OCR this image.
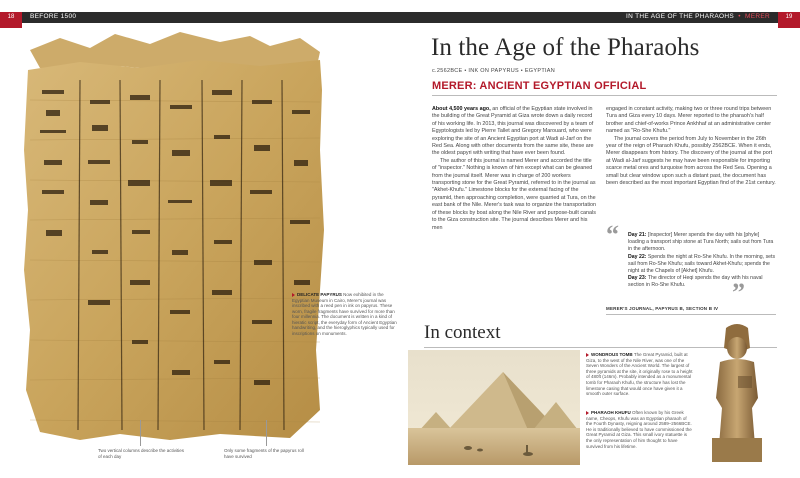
18	19
BEFORE 1500	IN THE AGE OF THE PHARAOHS  •  MERER
DELICATE PAPYRUS Now exhibited in the Egyptian Museum in Cairo, Merer's journal was inscribed with a reed pen in ink on papyrus. These worn, fragile fragments have survived for more than four millennia. The document is written in a kind of hieratic script, the everyday form of Ancient Egyptian handwriting, and the hieroglyphics typically used for inscriptions on monuments.
Two vertical columns describe the activities of each day
Only some fragments of the papyrus roll have survived
In the Age of the Pharaohs
c.2562BCE • INK ON PAPYRUS • EGYPTIAN
MERER: ANCIENT EGYPTIAN OFFICIAL

About 4,500 years ago, an official of the Egyptian state involved in the building of the Great Pyramid at Giza wrote down a daily record of his working life. In 2013, this journal was discovered by a team of Egyptologists led by Pierre Tallet and Gregory Marouard, who were exploring the site of an Ancient Egyptian port at Wadi al-Jarf on the Red Sea. Along with other documents from the same site, these are the oldest papyri with writing that have ever been found.

The author of this journal is named Merer and accorded the title of "inspector." Nothing is known of him except what can be gleaned from the journal itself. Merer was in charge of 200 workers transporting stone for the Great Pyramid, referred to in the journal as "Akhet-Khufu." Limestone blocks for the external facing of the pyramid, then approaching completion, were quarried at Tura, on the east bank of the Nile. Merer's task was to organize the transportation of these blocks by boat along the Nile River and purpose-built canals to the Giza construction site. The journal describes Merer and his men

engaged in constant activity, making two or three round trips between Tura and Giza every 10 days. Merer reported to the pharaoh's half brother and chief-of-works Prince Ankhhaf at an administrative center named as "Ro-She Khufu."

The journal covers the period from July to November in the 26th year of the reign of Pharaoh Khufu, possibly 2562BCE. When it ends, Merer disappears from history. The discovery of the journal at the port at Wadi al-Jarf suggests he may have been responsible for importing scarce metal ores and turquoise from across the Red Sea. Opening a small but clear window upon such a distant past, the document has been described as the most important Egyptian find of the 21st century.

“ Day 21: [Inspector] Merer spends the day with his [phyle] loading a transport ship stone at Tura North; sails out from Tura in the afternoon.
Day 22: Spends the night at Ro-She Khufu. In the morning, sets sail from Ro-She Khufu; sails toward Akhet-Khufu; spends the night at the Chapels of [Akhet] Khufu.
Day 23: The director of Heqi spends the day with his naval section in Ro-She Khufu.	”
MERER'S JOURNAL, PAPYRUS B, SECTION B IV
In context
WONDROUS TOMB The Great Pyramid, built at Giza, to the west of the Nile River, was one of the Seven Wonders of the Ancient World. The largest of three pyramids at the site, it originally rose to a height of 480ft (146m). Probably intended as a monumental tomb for Pharaoh Khufu, the structure has lost the limestone casing that would once have given it a smooth outer surface.
PHARAOH KHUFU Often known by his Greek name, Cheops, Khufu was an Egyptian pharaoh of the Fourth Dynasty, reigning around 2589–2566BCE. He is traditionally believed to have commissioned the Great Pyramid at Giza. This small ivory statuette is the only representation of him thought to have survived from his lifetime.
